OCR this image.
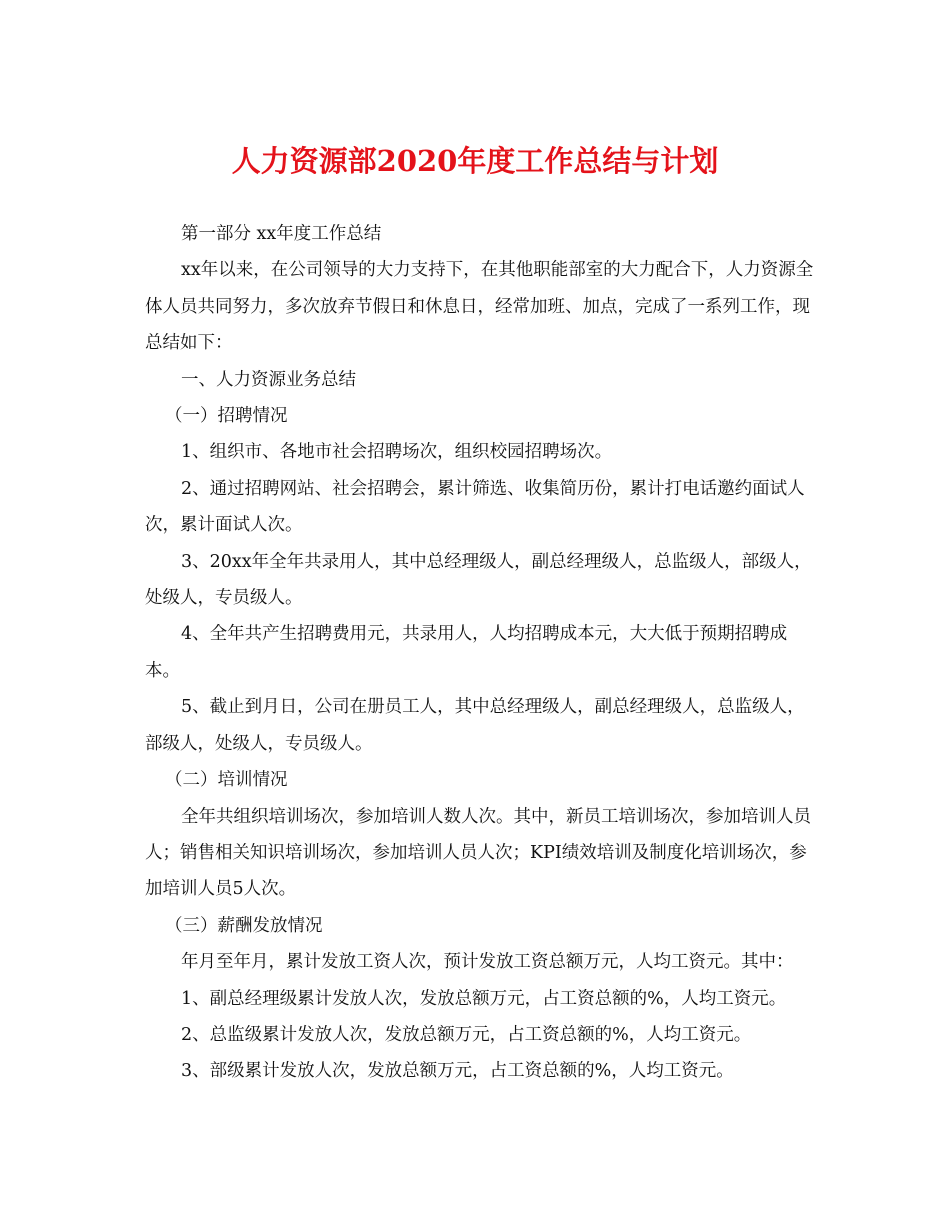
人力资源部2020年度工作总结与计划

第一部分 xx年度工作总结

xx年以来，在公司领导的大力支持下，在其他职能部室的大力配合下，人力资源全体人员共同努力，多次放弃节假日和休息日，经常加班、加点，完成了一系列工作，现总结如下：

一、人力资源业务总结

（一）招聘情况

1、组织市、各地市社会招聘场次，组织校园招聘场次。

2、通过招聘网站、社会招聘会，累计筛选、收集简历份，累计打电话邀约面试人次，累计面试人次。

3、20xx年全年共录用人，其中总经理级人，副总经理级人，总监级人，部级人，处级人，专员级人。

4、全年共产生招聘费用元，共录用人，人均招聘成本元，大大低于预期招聘成本。

5、截止到月日，公司在册员工人，其中总经理级人，副总经理级人，总监级人，部级人，处级人，专员级人。

（二）培训情况

全年共组织培训场次，参加培训人数人次。其中，新员工培训场次，参加培训人员人；销售相关知识培训场次，参加培训人员人次；KPI绩效培训及制度化培训场次，参加培训人员5人次。

（三）薪酬发放情况

年月至年月，累计发放工资人次，预计发放工资总额万元，人均工资元。其中：

1、副总经理级累计发放人次，发放总额万元，占工资总额的%，人均工资元。

2、总监级累计发放人次，发放总额万元，占工资总额的%，人均工资元。

3、部级累计发放人次，发放总额万元，占工资总额的%，人均工资元。
